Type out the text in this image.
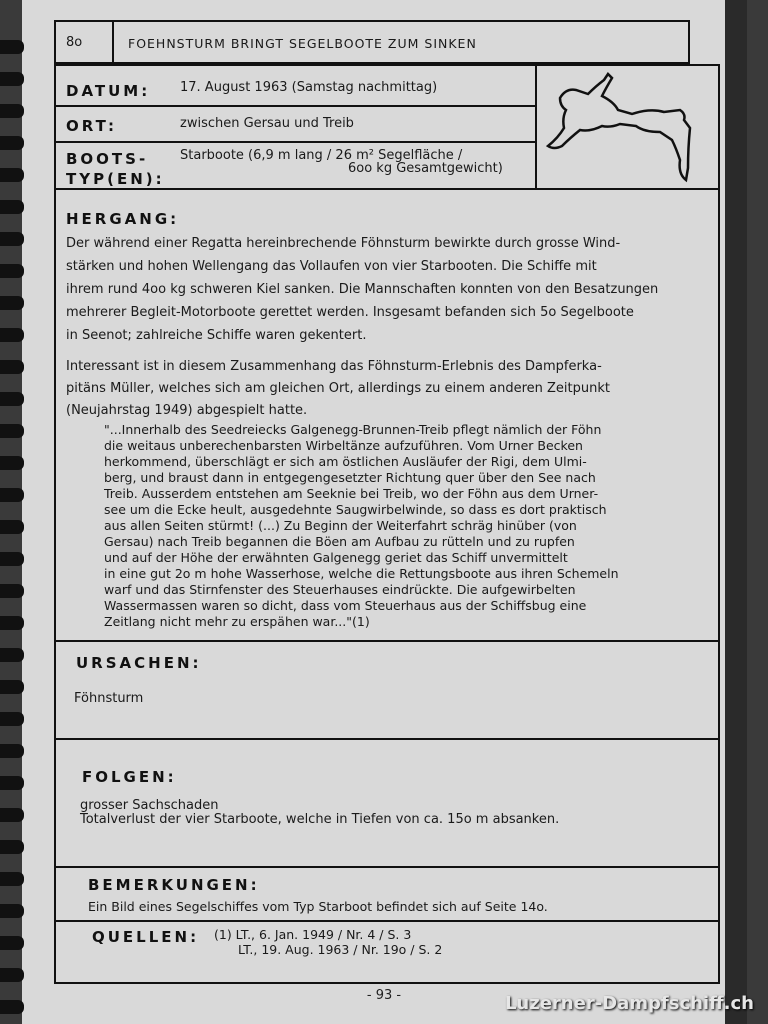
8o	FOEHNSTURM BRINGT SEGELBOOTE ZUM SINKEN
DATUM: 17. August 1963 (Samstag nachmittag)
ORT:	zwischen Gersau und Treib
BOOTS-
TYP(EN):
Starboote (6,9 m lang / 26 m² Segelfläche /
6oo kg Gesamtgewicht)
HERGANG:
Der während einer Regatta hereinbrechende Föhnsturm bewirkte durch grosse Wind-
stärken und hohen Wellengang das Vollaufen von vier Starbooten. Die Schiffe mit
ihrem rund 4oo kg schweren Kiel sanken. Die Mannschaften konnten von den Besatzungen
mehrerer Begleit-Motorboote gerettet werden. Insgesamt befanden sich 5o Segelboote
in Seenot; zahlreiche Schiffe waren gekentert.
Interessant ist in diesem Zusammenhang das Föhnsturm-Erlebnis des Dampferka-
pitäns Müller, welches sich am gleichen Ort, allerdings zu einem anderen Zeitpunkt
(Neujahrstag 1949) abgespielt hatte.
"...Innerhalb des Seedreiecks Galgenegg-Brunnen-Treib pflegt nämlich der Föhn
die weitaus unberechenbarsten Wirbeltänze aufzuführen. Vom Urner Becken
herkommend, überschlägt er sich am östlichen Ausläufer der Rigi, dem Ulmi-
berg, und braust dann in entgegengesetzter Richtung quer über den See nach
Treib. Ausserdem entstehen am Seeknie bei Treib, wo der Föhn aus dem Urner-
see um die Ecke heult, ausgedehnte Saugwirbelwinde, so dass es dort praktisch
aus allen Seiten stürmt! (...) Zu Beginn der Weiterfahrt schräg hinüber (von
Gersau) nach Treib begannen die Böen am Aufbau zu rütteln und zu rupfen
und auf der Höhe der erwähnten Galgenegg geriet das Schiff unvermittelt
in eine gut 2o m hohe Wasserhose, welche die Rettungsboote aus ihren Schemeln
warf und das Stirnfenster des Steuerhauses eindrückte. Die aufgewirbelten
Wassermassen waren so dicht, dass vom Steuerhaus aus der Schiffsbug eine
Zeitlang nicht mehr zu erspähen war..."(1)
URSACHEN:
Föhnsturm
FOLGEN:
grosser Sachschaden
Totalverlust der vier Starboote, welche in Tiefen von ca. 15o m absanken.
BEMERKUNGEN:
Ein Bild eines Segelschiffes vom Typ Starboot befindet sich auf Seite 14o.
QUELLEN: (1) LT., 6. Jan. 1949 / Nr. 4 / S. 3
LT., 19. Aug. 1963 / Nr. 19o / S. 2
- 93 -	Luzerner-Dampfschiff.ch
